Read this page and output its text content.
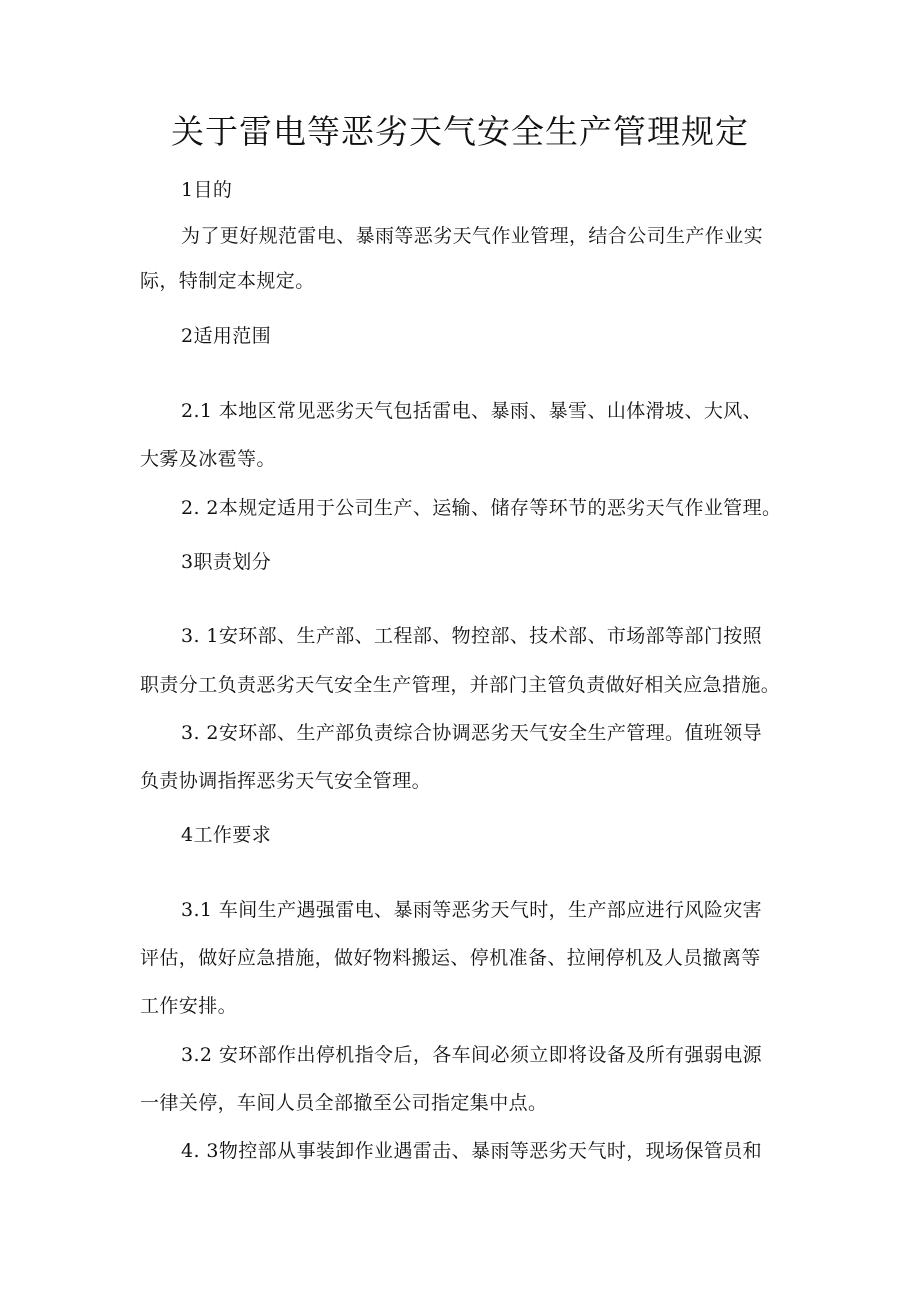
关于雷电等恶劣天气安全生产管理规定
1目的
为了更好规范雷电、暴雨等恶劣天气作业管理，结合公司生产作业实
际，特制定本规定。
2适用范围
2.1 本地区常见恶劣天气包括雷电、暴雨、暴雪、山体滑坡、大风、
大雾及冰雹等。
2. 2本规定适用于公司生产、运输、储存等环节的恶劣天气作业管理。
3职责划分
3. 1安环部、生产部、工程部、物控部、技术部、市场部等部门按照
职责分工负责恶劣天气安全生产管理，并部门主管负责做好相关应急措施。
3. 2安环部、生产部负责综合协调恶劣天气安全生产管理。值班领导
负责协调指挥恶劣天气安全管理。
4工作要求
3.1 车间生产遇强雷电、暴雨等恶劣天气时，生产部应进行风险灾害
评估，做好应急措施，做好物料搬运、停机准备、拉闸停机及人员撤离等
工作安排。
3.2 安环部作出停机指令后，各车间必须立即将设备及所有强弱电源
一律关停，车间人员全部撤至公司指定集中点。
4. 3物控部从事装卸作业遇雷击、暴雨等恶劣天气时，现场保管员和
